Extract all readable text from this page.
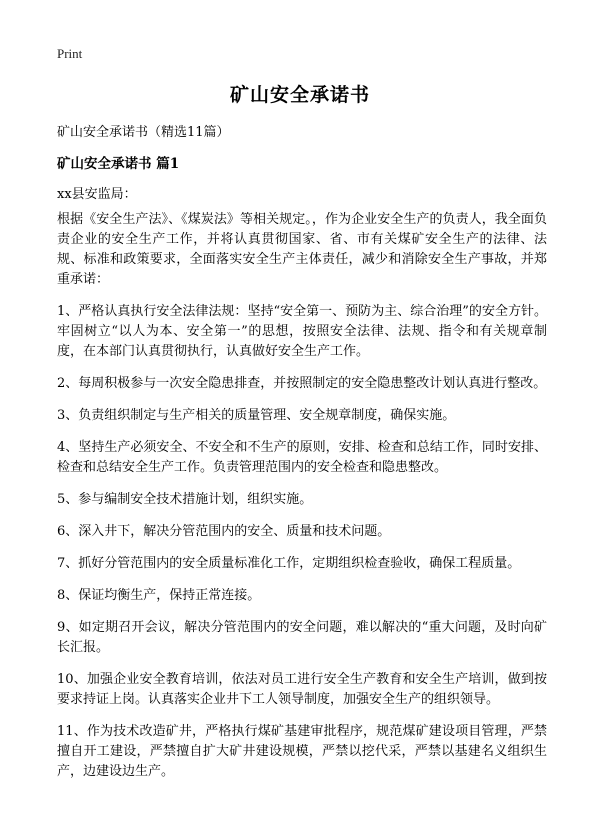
Print
矿山安全承诺书
矿山安全承诺书（精选11篇）
矿山安全承诺书 篇1
xx县安监局：

根据《安全生产法》、《煤炭法》等相关规定。，作为企业安全生产的负责人，我全面负责企业的安全生产工作，并将认真贯彻国家、省、市有关煤矿安全生产的法律、法规、标准和政策要求，全面落实安全生产主体责任，减少和消除安全生产事故，并郑重承诺：

1、严格认真执行安全法律法规：坚持“安全第一、预防为主、综合治理”的安全方针。牢固树立“以人为本、安全第一”的思想，按照安全法律、法规、指令和有关规章制度，在本部门认真贯彻执行，认真做好安全生产工作。

2、每周积极参与一次安全隐患排查，并按照制定的安全隐患整改计划认真进行整改。

3、负责组织制定与生产相关的质量管理、安全规章制度，确保实施。

4、坚持生产必须安全、不安全和不生产的原则，安排、检查和总结工作，同时安排、检查和总结安全生产工作。负责管理范围内的安全检查和隐患整改。

5、参与编制安全技术措施计划，组织实施。

6、深入井下，解决分管范围内的安全、质量和技术问题。

7、抓好分管范围内的安全质量标准化工作，定期组织检查验收，确保工程质量。

8、保证均衡生产，保持正常连接。

9、如定期召开会议，解决分管范围内的安全问题，难以解决的“重大问题，及时向矿长汇报。

10、加强企业安全教育培训，依法对员工进行安全生产教育和安全生产培训，做到按要求持证上岗。认真落实企业井下工人领导制度，加强安全生产的组织领导。

11、作为技术改造矿井，严格执行煤矿基建审批程序，规范煤矿建设项目管理，严禁擅自开工建设，严禁擅自扩大矿井建设规模，严禁以挖代采，严禁以基建名义组织生产，边建设边生产。
